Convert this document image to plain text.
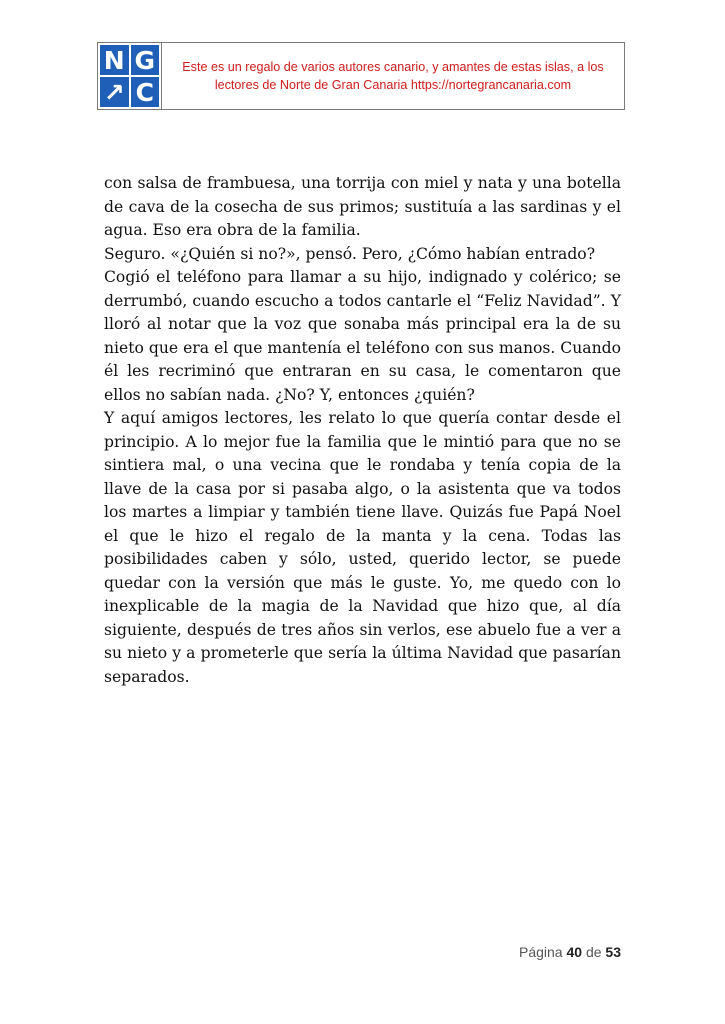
N G
↗ C
Este es un regalo de varios autores canario, y amantes de estas islas, a los
lectores de Norte de Gran Canaria https://nortegrancanaria.com

con salsa de frambuesa, una torrija con miel y nata y una botella de cava de la cosecha de sus primos; sustituía a las sardinas y el agua. Eso era obra de la familia.

Seguro. «¿Quién si no?», pensó. Pero, ¿Cómo habían entrado?

Cogió el teléfono para llamar a su hijo, indignado y colérico; se derrumbó, cuando escucho a todos cantarle el “Feliz Navidad”. Y lloró al notar que la voz que sonaba más principal era la de su nieto que era el que mantenía el teléfono con sus manos. Cuando él les recriminó que entraran en su casa, le comentaron que ellos no sabían nada. ¿No? Y, entonces ¿quién?

Y aquí amigos lectores, les relato lo que quería contar desde el principio. A lo mejor fue la familia que le mintió para que no se sintiera mal, o una vecina que le rondaba y tenía copia de la llave de la casa por si pasaba algo, o la asistenta que va todos los martes a limpiar y también tiene llave. Quizás fue Papá Noel el que le hizo el regalo de la manta y la cena. Todas las posibilidades caben y sólo, usted, querido lector, se puede quedar con la versión que más le guste. Yo, me quedo con lo inexplicable de la magia de la Navidad que hizo que, al día siguiente, después de tres años sin verlos, ese abuelo fue a ver a su nieto y a prometerle que sería la última Navidad que pasarían separados.

Página 40 de 53
